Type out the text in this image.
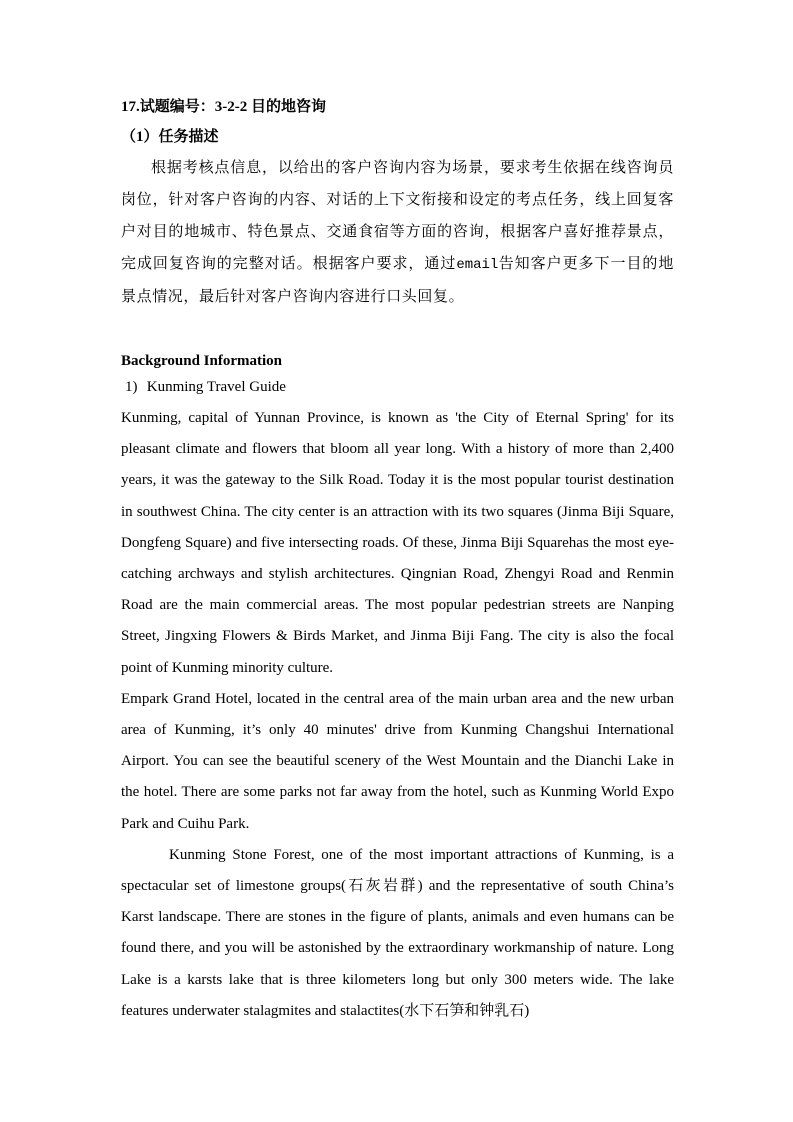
17.试题编号：3-2-2 目的地咨询

（1）任务描述

根据考核点信息，以给出的客户咨询内容为场景，要求考生依据在线咨询员岗位，针对客户咨询的内容、对话的上下文衔接和设定的考点任务，线上回复客户对目的地城市、特色景点、交通食宿等方面的咨询，根据客户喜好推荐景点，完成回复咨询的完整对话。根据客户要求，通过email告知客户更多下一目的地景点情况，最后针对客户咨询内容进行口头回复。

Background Information

1) Kunming Travel Guide

Kunming, capital of Yunnan Province, is known as 'the City of Eternal Spring' for its pleasant climate and flowers that bloom all year long. With a history of more than 2,400 years, it was the gateway to the Silk Road. Today it is the most popular tourist destination in southwest China. The city center is an attraction with its two squares (Jinma Biji Square, Dongfeng Square) and five intersecting roads. Of these, Jinma Biji Squarehas the most eye-catching archways and stylish architectures. Qingnian Road, Zhengyi Road and Renmin Road are the main commercial areas. The most popular pedestrian streets are Nanping Street, Jingxing Flowers & Birds Market, and Jinma Biji Fang. The city is also the focal point of Kunming minority culture.

Empark Grand Hotel, located in the central area of the main urban area and the new urban area of Kunming, it’s only 40 minutes' drive from Kunming Changshui International Airport. You can see the beautiful scenery of the West Mountain and the Dianchi Lake in the hotel. There are some parks not far away from the hotel, such as Kunming World Expo Park and Cuihu Park.

Kunming Stone Forest, one of the most important attractions of Kunming, is a spectacular set of limestone groups(石灰岩群) and the representative of south China’s Karst landscape. There are stones in the figure of plants, animals and even humans can be found there, and you will be astonished by the extraordinary workmanship of nature. Long Lake is a karsts lake that is three kilometers long but only 300 meters wide. The lake features underwater stalagmites and stalactites(水下石笋和钟乳石)
